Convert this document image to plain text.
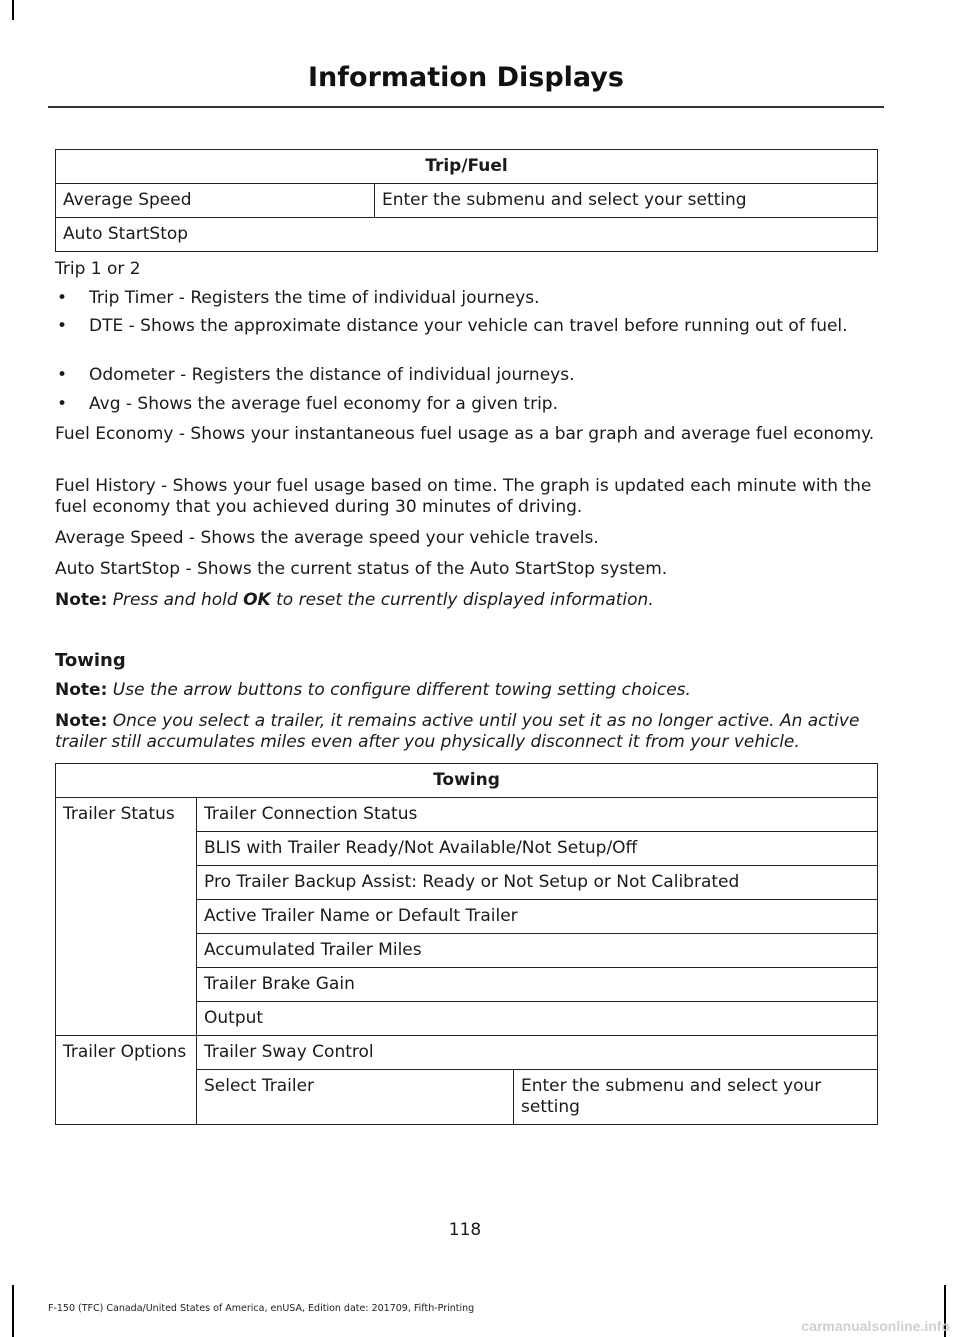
Information Displays
Trip/Fuel
Average Speed	Enter the submenu and select your setting
Auto StartStop
Trip 1 or 2
• Trip Timer - Registers the time of individual journeys.
• DTE - Shows the approximate distance your vehicle can travel before running out of fuel.
• Odometer - Registers the distance of individual journeys.
• Avg - Shows the average fuel economy for a given trip.

Fuel Economy - Shows your instantaneous fuel usage as a bar graph and average fuel economy.

Fuel History - Shows your fuel usage based on time. The graph is updated each minute with the fuel economy that you achieved during 30 minutes of driving.

Average Speed - Shows the average speed your vehicle travels.

Auto StartStop - Shows the current status of the Auto StartStop system.

Note: Press and hold OK to reset the currently displayed information.

Towing

Note: Use the arrow buttons to configure different towing setting choices.

Note: Once you select a trailer, it remains active until you set it as no longer active. An active trailer still accumulates miles even after you physically disconnect it from your vehicle.

Towing		
Trailer Status	Trailer Connection Status	
	BLIS with Trailer Ready/Not Available/Not Setup/Off	
	Pro Trailer Backup Assist: Ready or Not Setup or Not Calibrated	
	Active Trailer Name or Default Trailer	
	Accumulated Trailer Miles	
	Trailer Brake Gain	
	Output	
Trailer Options	Trailer Sway Control	
	Select Trailer	Enter the submenu and select your setting
118
F-150 (TFC) Canada/United States of America, enUSA, Edition date: 201709, Fifth-Printing
carmanualsonline.info
